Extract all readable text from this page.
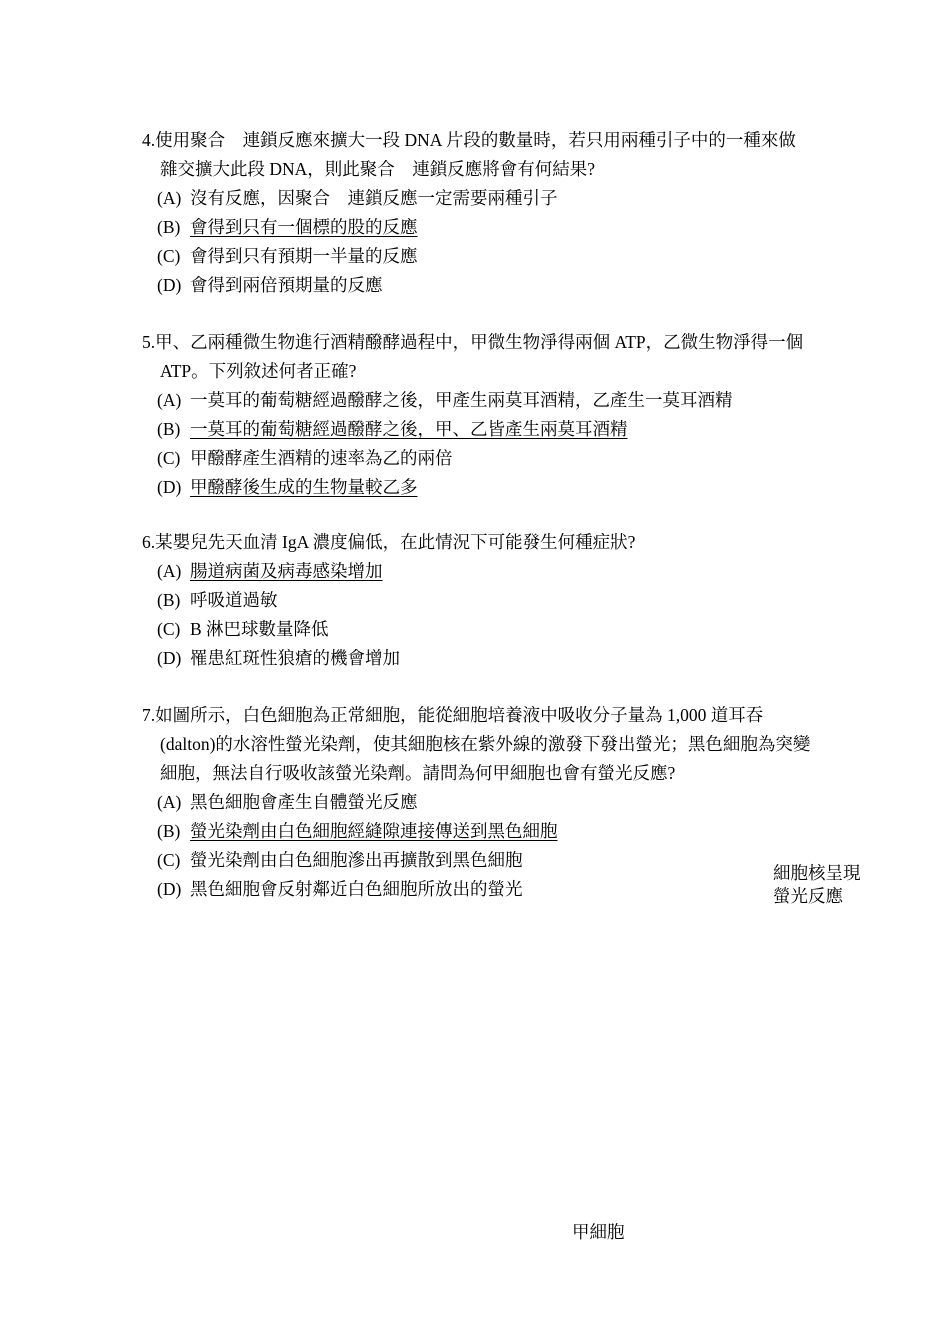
4.使用聚合　連鎖反應來擴大一段 DNA 片段的數量時，若只用兩種引子中的一種來做雜交擴大此段 DNA，則此聚合　連鎖反應將會有何結果?

(A) 沒有反應，因聚合　連鎖反應一定需要兩種引子
(B) 會得到只有一個標的股的反應
(C) 會得到只有預期一半量的反應
(D) 會得到兩倍預期量的反應

5.甲、乙兩種微生物進行酒精醱酵過程中，甲微生物淨得兩個 ATP，乙微生物淨得一個 ATP。下列敘述何者正確?

(A) 一莫耳的葡萄糖經過醱酵之後，甲產生兩莫耳酒精，乙產生一莫耳酒精
(B) 一莫耳的葡萄糖經過醱酵之後，甲、乙皆產生兩莫耳酒精
(C) 甲醱酵產生酒精的速率為乙的兩倍
(D) 甲醱酵後生成的生物量較乙多

6.某嬰兒先天血清 IgA 濃度偏低，在此情況下可能發生何種症狀?

(A) 腸道病菌及病毒感染增加
(B) 呼吸道過敏
(C) B 淋巴球數量降低
(D) 罹患紅斑性狼瘡的機會增加

7.如圖所示，白色細胞為正常細胞，能從細胞培養液中吸收分子量為 1,000 道耳吞(dalton)的水溶性螢光染劑，使其細胞核在紫外線的激發下發出螢光；黑色細胞為突變細胞，無法自行吸收該螢光染劑。請問為何甲細胞也會有螢光反應?

(A) 黑色細胞會產生自體螢光反應
(B) 螢光染劑由白色細胞經縫隙連接傳送到黑色細胞
(C) 螢光染劑由白色細胞滲出再擴散到黑色細胞
(D) 黑色細胞會反射鄰近白色細胞所放出的螢光
細胞核呈現
螢光反應
甲細胞
